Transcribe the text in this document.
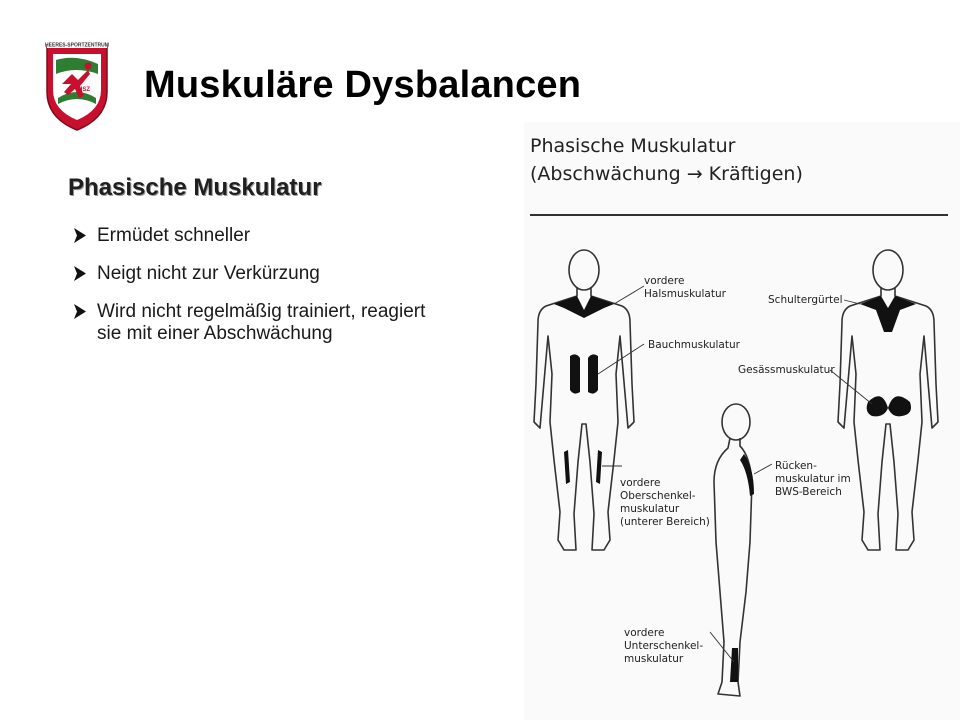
HEERES-SPORTZENTRUM
HSZ Muskuläre Dysbalancen
Phasische Muskulatur
Ermüdet schneller
Neigt nicht zur Verkürzung
Wird nicht regelmäßig trainiert, reagiert sie mit einer Abschwächung
Phasische Muskulatur
(Abschwächung → Kräftigen)
vordere
Halsmuskulatur
Bauchmuskulatur
vordere
Oberschenkel-
muskulatur
(unterer Bereich)
Schultergürtel
Gesässmuskulatur
Rücken-
muskulatur im
BWS-Bereich
vordere
Unterschenkel-
muskulatur
